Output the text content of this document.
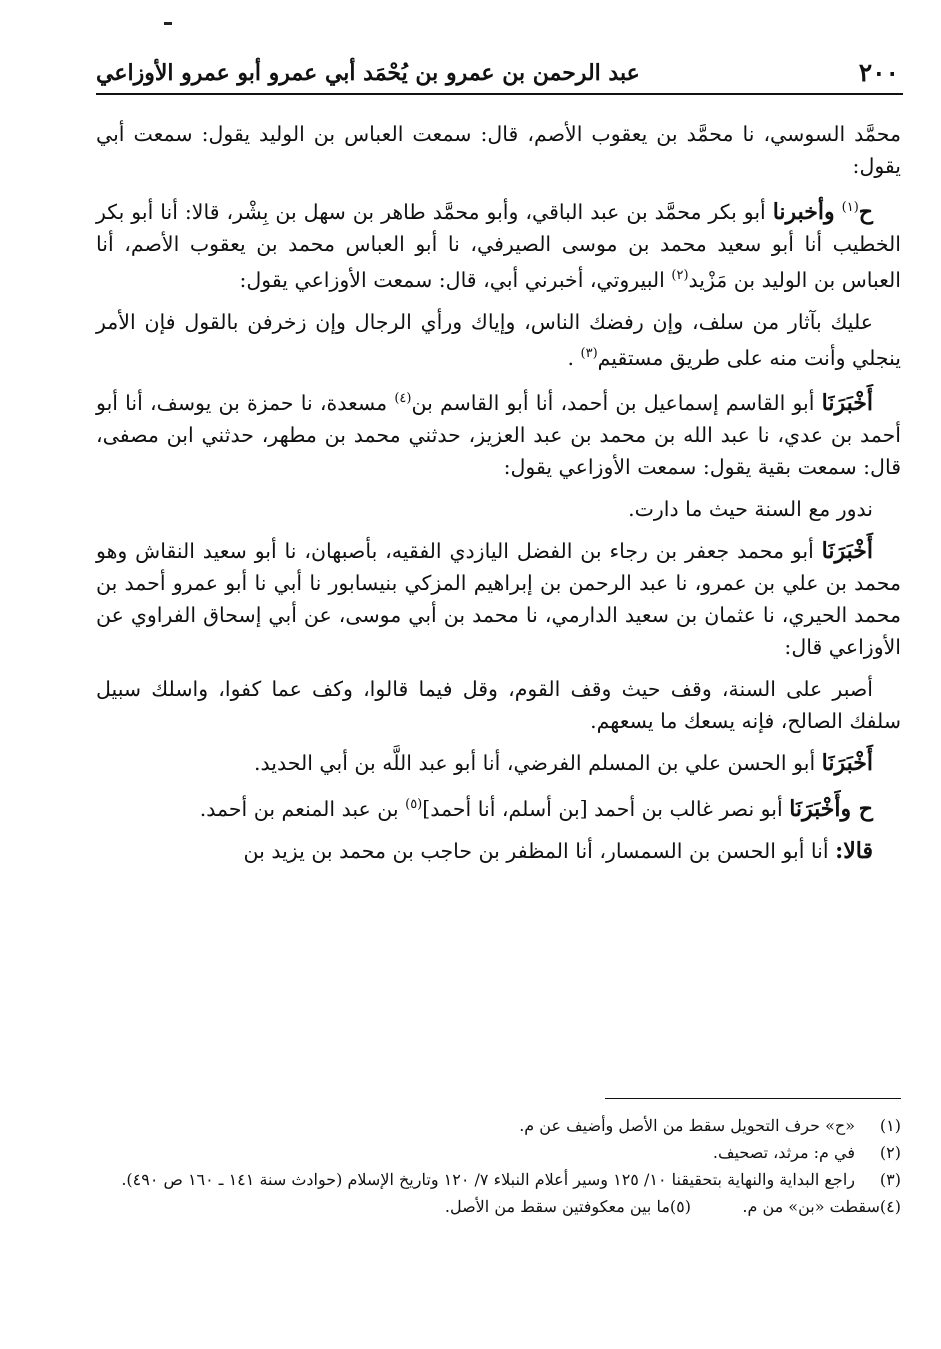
٢٠٠
عبد الرحمن بن عمرو بن يُحْمَد أبي عمرو أبو عمرو الأوزاعي

محمَّد السوسي، نا محمَّد بن يعقوب الأصم، قال: سمعت العباس بن الوليد يقول: سمعت أبي يقول:

ح$^{(١)}$ وأخبرنا أبو بكر محمَّد بن عبد الباقي، وأبو محمَّد طاهر بن سهل بن بِشْر، قالا: أنا أبو بكر الخطيب أنا أبو سعيد محمد بن موسى الصيرفي، نا أبو العباس محمد بن يعقوب الأصم، أنا العباس بن الوليد بن مَزْيد$^{(٢)}$ البيروتي، أخبرني أبي، قال: سمعت الأوزاعي يقول:

عليك بآثار من سلف، وإن رفضك الناس، وإياك ورأي الرجال وإن زخرفن بالقول فإن الأمر ينجلي وأنت منه على طريق مستقيم$^{(٣)}$ .

أَخْبَرَنَا أبو القاسم إسماعيل بن أحمد، أنا أبو القاسم بن$^{(٤)}$ مسعدة، نا حمزة بن يوسف، أنا أبو أحمد بن عدي، نا عبد الله بن محمد بن عبد العزيز، حدثني محمد بن مطهر، حدثني ابن مصفى، قال: سمعت بقية يقول: سمعت الأوزاعي يقول:

ندور مع السنة حيث ما دارت.

أَخْبَرَنَا أبو محمد جعفر بن رجاء بن الفضل اليازدي الفقيه، بأصبهان، نا أبو سعيد النقاش وهو محمد بن علي بن عمرو، نا عبد الرحمن بن إبراهيم المزكي بنيسابور نا أبي نا أبو عمرو أحمد بن محمد الحيري، نا عثمان بن سعيد الدارمي، نا محمد بن أبي موسى، عن أبي إسحاق الفراوي عن الأوزاعي قال:

أصبر على السنة، وقف حيث وقف القوم، وقل فيما قالوا، وكف عما كفوا، واسلك سبيل سلفك الصالح، فإنه يسعك ما يسعهم.

أَخْبَرَنَا أبو الحسن علي بن المسلم الفرضي، أنا أبو عبد اللَّه بن أبي الحديد.

ح وأَخْبَرَنَا أبو نصر غالب بن أحمد [بن أسلم، أنا أحمد]$^{(٥)}$ بن عبد المنعم بن أحمد.

قالا: أنا أبو الحسن بن السمسار، أنا المظفر بن حاجب بن محمد بن يزيد بن

(١)
«ح» حرف التحويل سقط من الأصل وأضيف عن م.
(٢)
في م: مرثد، تصحيف.
(٣)
راجع البداية والنهاية بتحقيقنا ١٠/ ١٢٥ وسير أعلام النبلاء ٧/ ١٢٠ وتاريخ الإسلام (حوادث سنة ١٤١ ـ ١٦٠ ص ٤٩٠).
(٤)
سقطت «بن» من م.
(٥)
ما بين معكوفتين سقط من الأصل.
